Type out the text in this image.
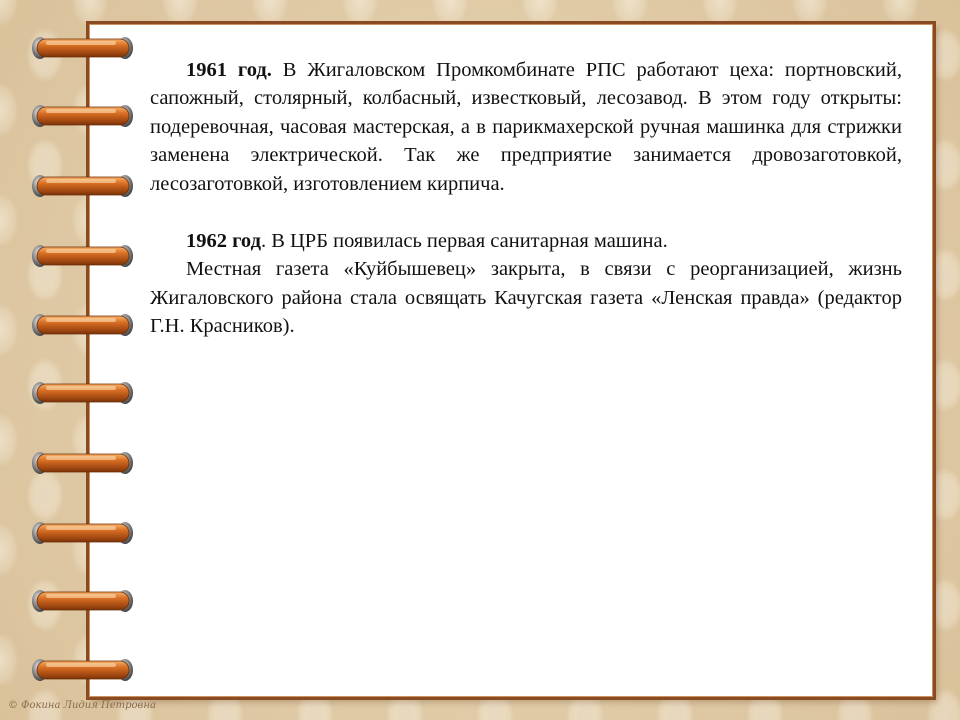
1961 год. В Жигаловском Промкомбинате РПС работают цеха: портновский, сапожный, столярный, колбасный, известковый, лесозавод. В этом году открыты: подеревочная, часовая мастерская, а в парикмахерской ручная машинка для стрижки заменена электрической. Так же предприятие занимается дровозаготовкой, лесозаготовкой, изготовлением кирпича.

1962 год. В ЦРБ появилась первая санитарная машина.

Местная газета «Куйбышевец» закрыта, в связи с реорганизацией, жизнь Жигаловского района стала освящать Качугская газета «Ленская правда» (редактор Г.Н. Красников).

© Фокина Лидия Петровна
